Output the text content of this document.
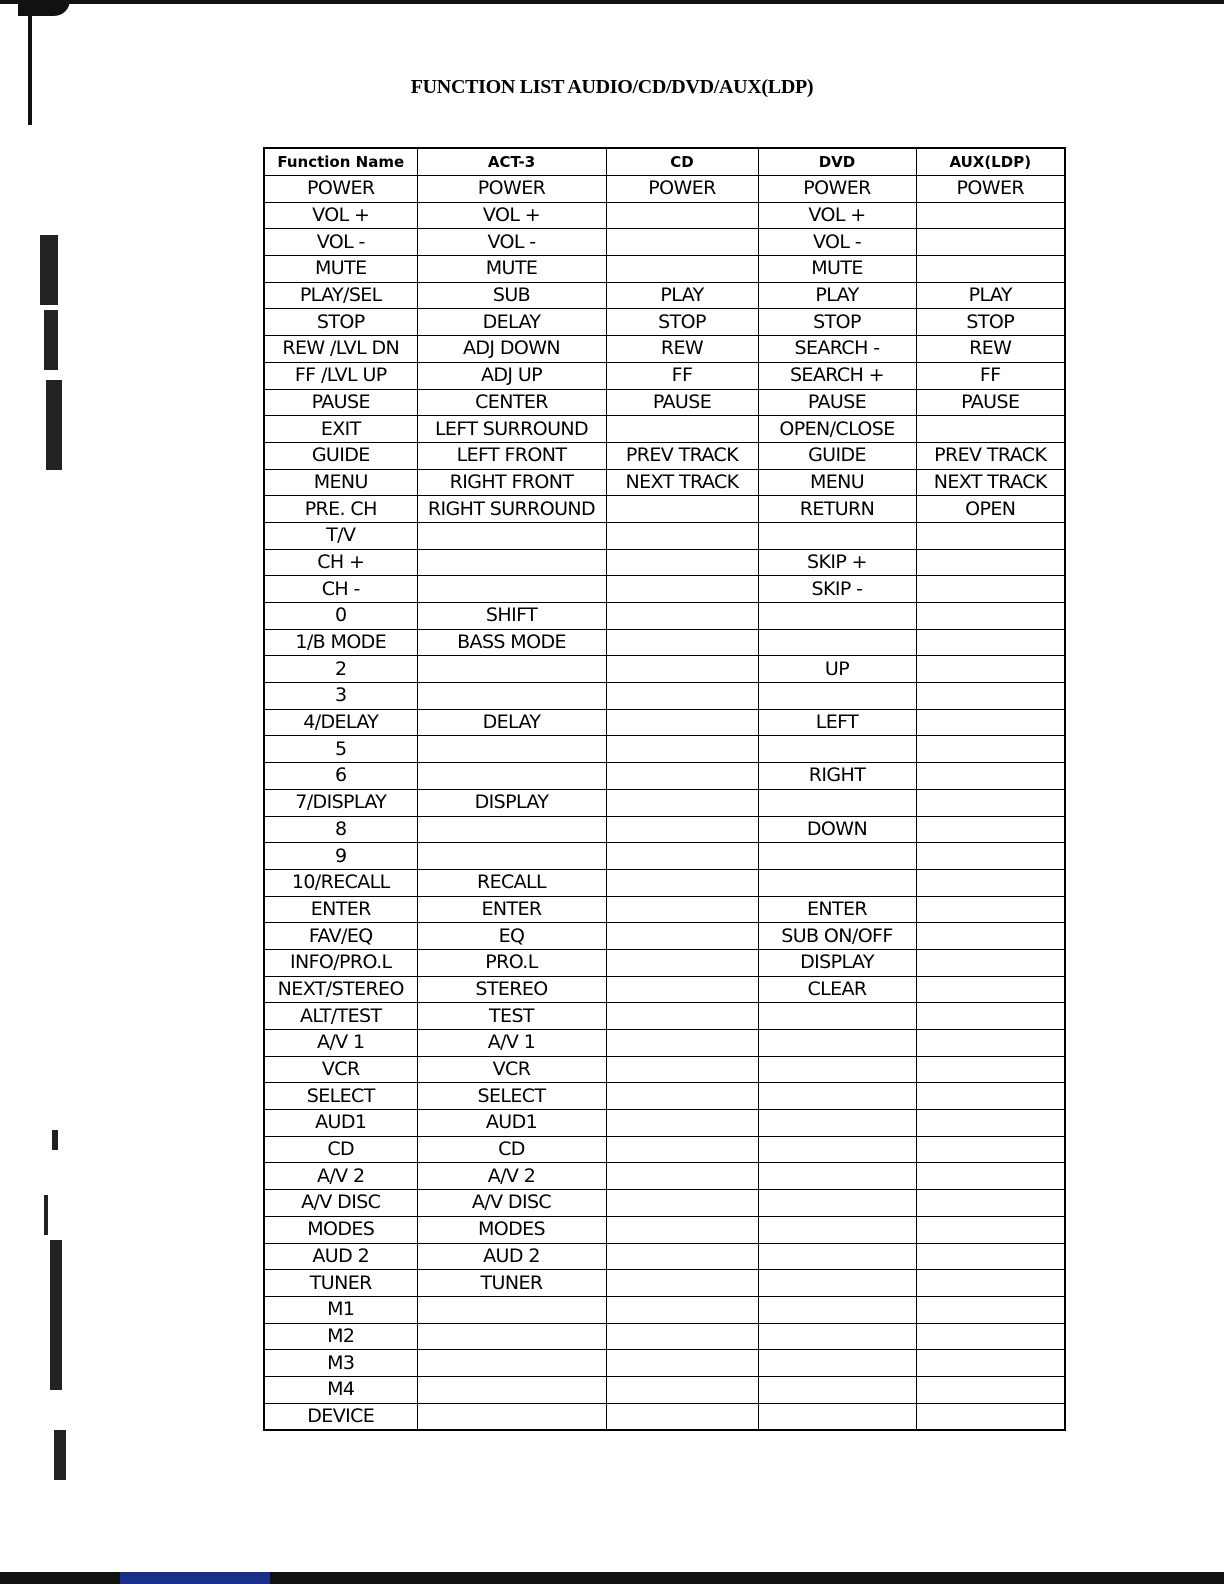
FUNCTION LIST AUDIO/CD/DVD/AUX(LDP)
Function Name	ACT-3	CD	DVD	AUX(LDP)
POWER	POWER	POWER	POWER	POWER
VOL +	VOL +		VOL +	
VOL -	VOL -		VOL -	
MUTE	MUTE		MUTE	
PLAY/SEL	SUB	PLAY	PLAY	PLAY
STOP	DELAY	STOP	STOP	STOP
REW /LVL DN	ADJ DOWN	REW	SEARCH -	REW
FF /LVL UP	ADJ UP	FF	SEARCH +	FF
PAUSE	CENTER	PAUSE	PAUSE	PAUSE
EXIT	LEFT SURROUND		OPEN/CLOSE	
GUIDE	LEFT FRONT	PREV TRACK	GUIDE	PREV TRACK
MENU	RIGHT FRONT	NEXT TRACK	MENU	NEXT TRACK
PRE. CH	RIGHT SURROUND		RETURN	OPEN
T/V				
CH +			SKIP +	
CH -			SKIP -	
0	SHIFT			
1/B MODE	BASS MODE			
2			UP	
3				
4/DELAY	DELAY		LEFT	
5				
6			RIGHT	
7/DISPLAY	DISPLAY			
8			DOWN	
9				
10/RECALL	RECALL			
ENTER	ENTER		ENTER	
FAV/EQ	EQ		SUB ON/OFF	
INFO/PRO.L	PRO.L		DISPLAY	
NEXT/STEREO	STEREO		CLEAR	
ALT/TEST	TEST			
A/V 1	A/V 1			
VCR	VCR			
SELECT	SELECT			
AUD1	AUD1			
CD	CD			
A/V 2	A/V 2			
A/V DISC	A/V DISC			
MODES	MODES			
AUD 2	AUD 2			
TUNER	TUNER			
M1				
M2				
M3				
M4				
DEVICE				
